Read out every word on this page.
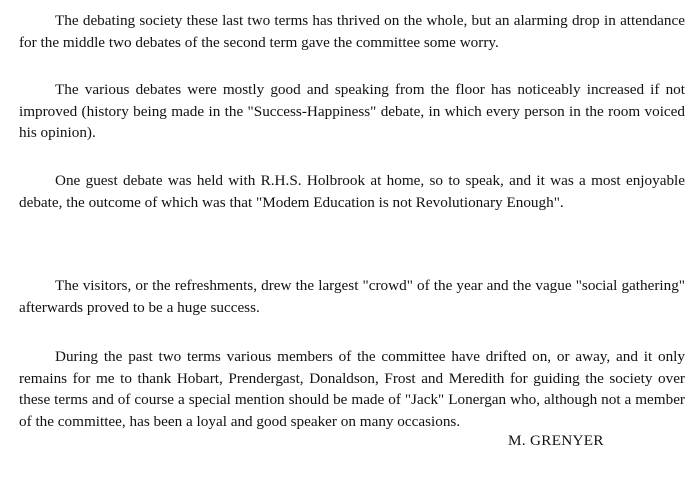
The debating society these last two terms has thrived on the whole, but an alarming drop in attendance for the middle two debates of the second term gave the committee some worry.

The various debates were mostly good and speaking from the floor has noticeably increased if not improved (history being made in the "Success-Happiness" debate, in which every person in the room voiced his opinion).

One guest debate was held with R.H.S. Holbrook at home, so to speak, and it was a most enjoyable debate, the outcome of which was that "Modem Education is not Revolutionary Enough".

The visitors, or the refreshments, drew the largest "crowd" of the year and the vague "social gathering" afterwards proved to be a huge success.

During the past two terms various members of the committee have drifted on, or away, and it only remains for me to thank Hobart, Prendergast, Donaldson, Frost and Meredith for guiding the society over these terms and of course a special mention should be made of "Jack" Lonergan who, although not a member of the committee, has been a loyal and good speaker on many occasions.

M. GRENYER
